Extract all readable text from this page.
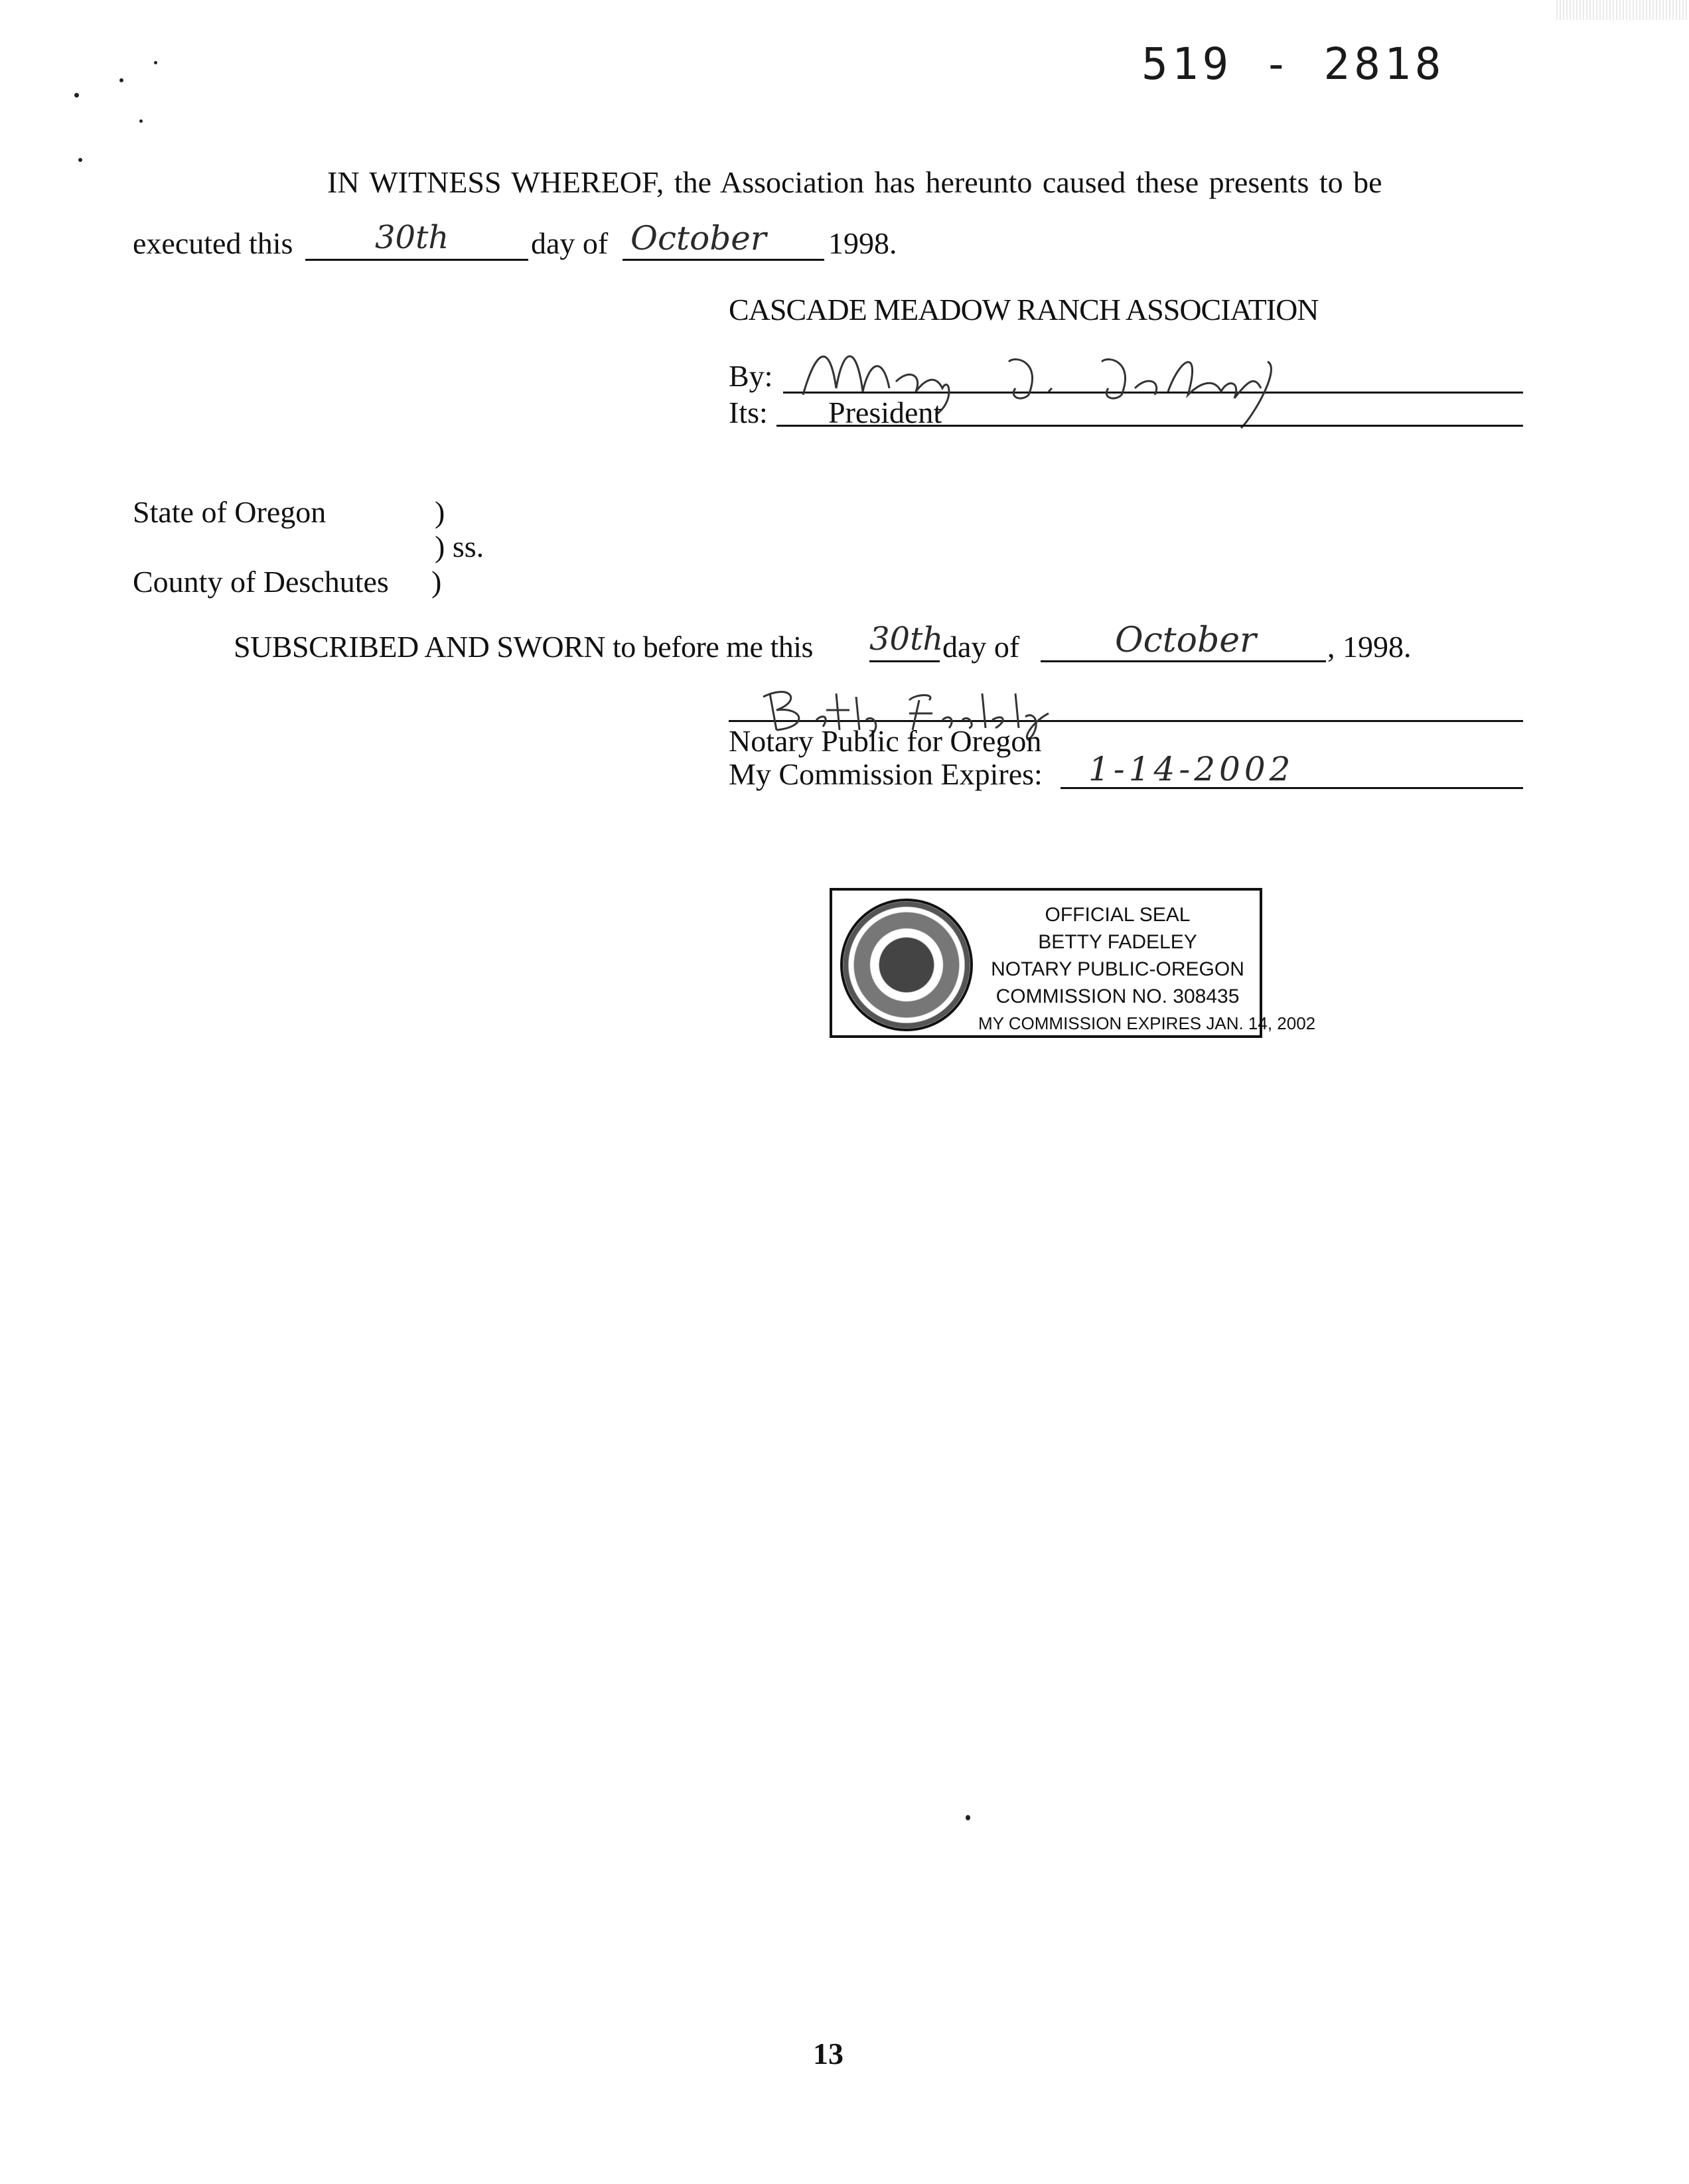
519 - 2818
IN WITNESS WHEREOF, the Association has hereunto caused these presents to be
executed this	30th	day of October 1998.
CASCADE MEADOW RANCH ASSOCIATION
By:
Its: President
State of Oregon	)
) ss.
County of Deschutes )
SUBSCRIBED AND SWORN to before me this 30th
day of	October , 1998.
Notary Public for Oregon
My Commission Expires: 1-14-2002
OFFICIAL SEAL
BETTY FADELEY
NOTARY PUBLIC-OREGON
COMMISSION NO. 308435
MY COMMISSION EXPIRES JAN. 14, 2002
13
